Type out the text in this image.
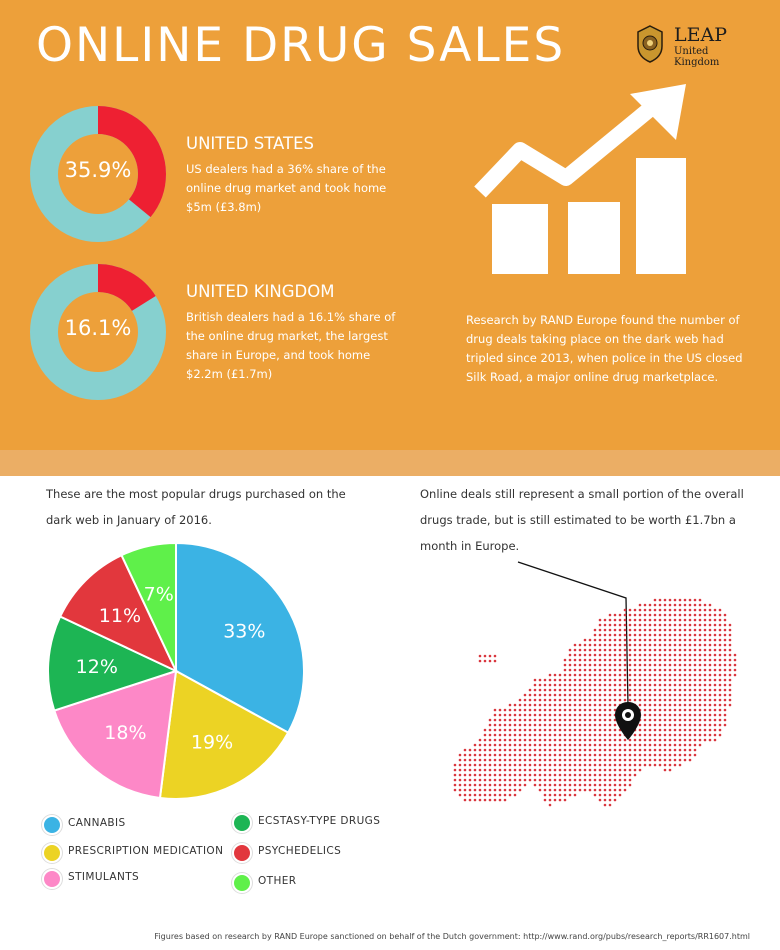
ONLINE DRUG SALES	LEAP
United Kingdom
35.9%
UNITED STATES
US dealers had a 36% share of the online drug market and took home $5m (£3.8m)
16.1%
UNITED KINGDOM
British dealers had a 16.1% share of the online drug market, the largest share in Europe, and took home $2.2m (£1.7m)
Research by RAND Europe found the number of drug deals taking place on the dark web had tripled since 2013, when police in the US closed Silk Road, a major online drug marketplace.
These are the most popular drugs purchased on the dark web in January of 2016.
Online deals still represent a small portion of the overall drugs trade, but is still estimated to be worth £1.7bn a month in Europe.
33%
19%
18%
12%
11%
7%
CANNABIS
PRESCRIPTION MEDICATION
STIMULANTS
ECSTASY-TYPE DRUGS
PSYCHEDELICS
OTHER
Figures based on research by RAND Europe sanctioned on behalf of the Dutch government: http://www.rand.org/pubs/research_reports/RR1607.html
